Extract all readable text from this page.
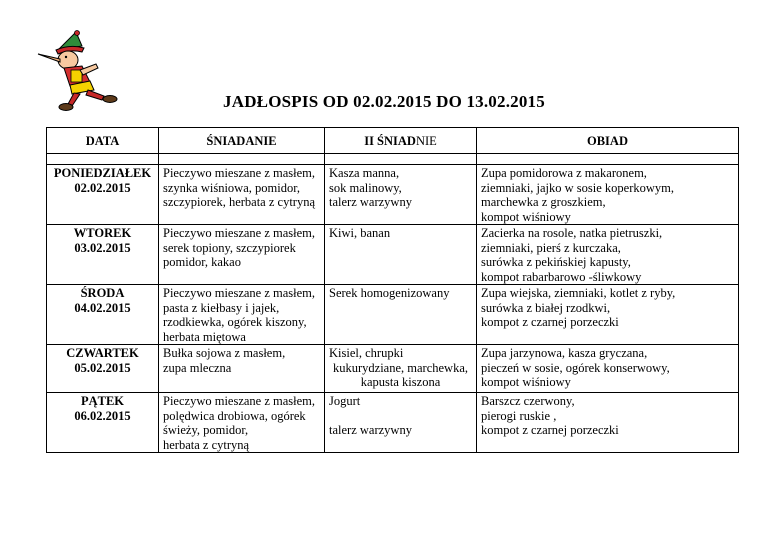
JADŁOSPIS OD 02.02.2015 DO 13.02.2015
DATA	ŚNIADANIE	II ŚNIADNIE	OBIAD

PONIEDZIAŁEK
02.02.2015	Pieczywo mieszane z masłem,
szynka wiśniowa, pomidor,
szczypiorek, herbata z cytryną	Kasza manna,
sok malinowy,
talerz warzywny	Zupa pomidorowa z makaronem,
ziemniaki, jajko w sosie koperkowym,
marchewka z groszkiem,
kompot wiśniowy

WTOREK
03.02.2015	Pieczywo mieszane z masłem,
serek topiony, szczypiorek
pomidor, kakao	Kiwi, banan	Zacierka na rosole, natka pietruszki,
ziemniaki, pierś z kurczaka,
surówka z pekińskiej kapusty,
kompot rabarbarowo -śliwkowy

ŚRODA
04.02.2015	Pieczywo mieszane z masłem,
pasta z kiełbasy i jajek,
rzodkiewka, ogórek kiszony,
herbata miętowa	Serek homogenizowany	Zupa wiejska, ziemniaki, kotlet z ryby,
surówka z białej rzodkwi,
kompot z czarnej porzeczki

CZWARTEK
05.02.2015	Bułka sojowa z masłem,
zupa mleczna	Kisiel, chrupki
kukurydziane, marchewka,
kapusta kiszona	Zupa jarzynowa, kasza gryczana,
pieczeń w sosie, ogórek konserwowy,
kompot wiśniowy

PĄTEK
06.02.2015	Pieczywo mieszane z masłem,
polędwica drobiowa, ogórek
świeży, pomidor,
herbata z cytryną	Jogurt
talerz warzywny	Barszcz czerwony,
pierogi ruskie ,
kompot z czarnej porzeczki
